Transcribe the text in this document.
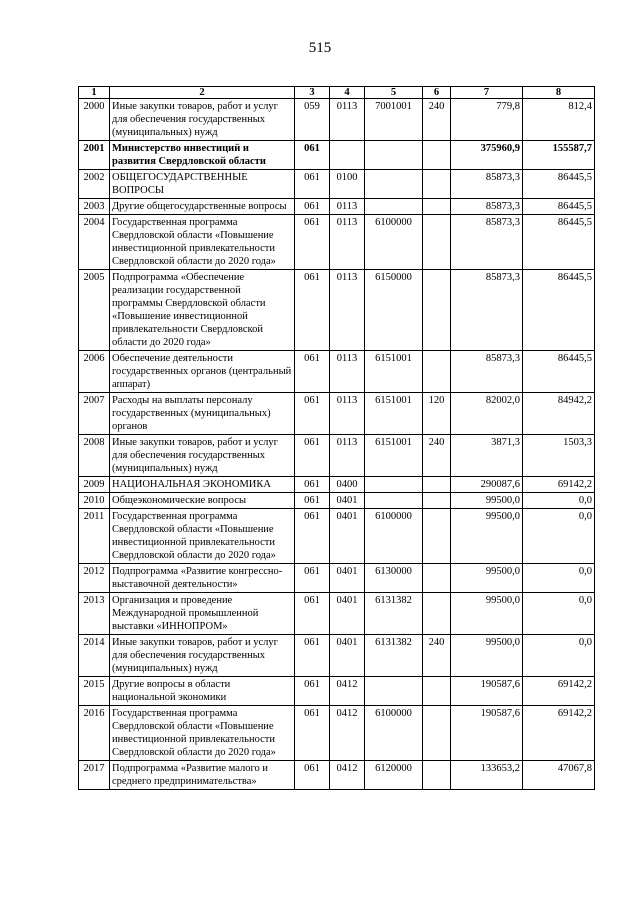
515
1	2	3	4	5	6	7	8
2000	Иные закупки товаров, работ и услуг для обеспечения государственных (муниципальных) нужд	059	0113	7001001	240	779,8	812,4
2001	Министерство инвестиций и развития Свердловской области	061				375960,9	155587,7
2002	ОБЩЕГОСУДАРСТВЕННЫЕ ВОПРОСЫ	061	0100			85873,3	86445,5
2003	Другие общегосударственные вопросы	061	0113			85873,3	86445,5
2004	Государственная программа Свердловской области «Повышение инвестиционной привлекательности Свердловской области до 2020 года»	061	0113	6100000		85873,3	86445,5
2005	Подпрограмма «Обеспечение реализации государственной программы Свердловской области «Повышение инвестиционной привлекательности Свердловской области до 2020 года»	061	0113	6150000		85873,3	86445,5
2006	Обеспечение деятельности государственных органов (центральный аппарат)	061	0113	6151001		85873,3	86445,5
2007	Расходы на выплаты персоналу государственных (муниципальных) органов	061	0113	6151001	120	82002,0	84942,2
2008	Иные закупки товаров, работ и услуг для обеспечения государственных (муниципальных) нужд	061	0113	6151001	240	3871,3	1503,3
2009	НАЦИОНАЛЬНАЯ ЭКОНОМИКА	061	0400			290087,6	69142,2
2010	Общеэкономические вопросы	061	0401			99500,0	0,0
2011	Государственная программа Свердловской области «Повышение инвестиционной привлекательности Свердловской области до 2020 года»	061	0401	6100000		99500,0	0,0
2012	Подпрограмма «Развитие конгрессно-выставочной деятельности»	061	0401	6130000		99500,0	0,0
2013	Организация и проведение Международной промышленной выставки «ИННОПРОМ»	061	0401	6131382		99500,0	0,0
2014	Иные закупки товаров, работ и услуг для обеспечения государственных (муниципальных) нужд	061	0401	6131382	240	99500,0	0,0
2015	Другие вопросы в области национальной экономики	061	0412			190587,6	69142,2
2016	Государственная программа Свердловской области «Повышение инвестиционной привлекательности Свердловской области до 2020 года»	061	0412	6100000		190587,6	69142,2
2017	Подпрограмма «Развитие малого и среднего предпринимательства»	061	0412	6120000		133653,2	47067,8
